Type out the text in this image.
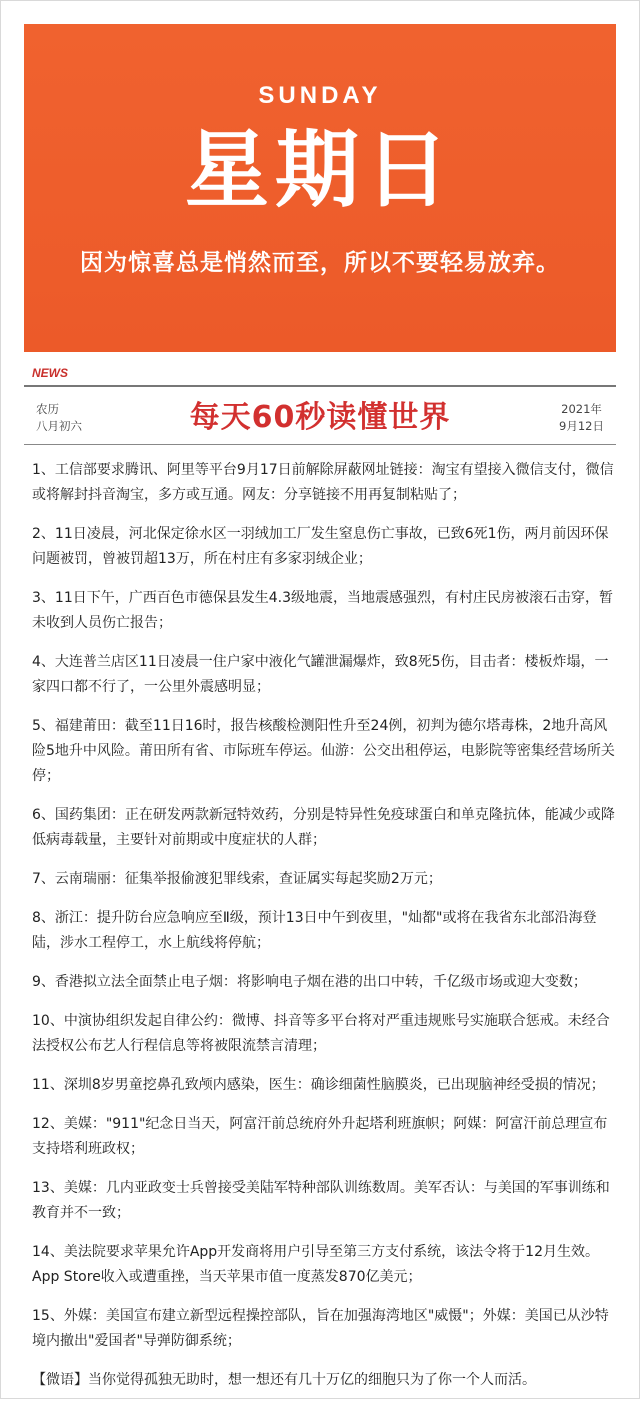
SUNDAY
星期日
因为惊喜总是悄然而至，所以不要轻易放弃。
NEWS
农历
八月初六	每天60秒读懂世界	2021年
9月12日

1、工信部要求腾讯、阿里等平台9月17日前解除屏蔽网址链接：淘宝有望接入微信支付，微信或将解封抖音淘宝，多方或互通。网友：分享链接不用再复制粘贴了；

2、11日凌晨，河北保定徐水区一羽绒加工厂发生窒息伤亡事故，已致6死1伤，两月前因环保问题被罚，曾被罚超13万，所在村庄有多家羽绒企业；

3、11日下午，广西百色市德保县发生4.3级地震，当地震感强烈，有村庄民房被滚石击穿，暂未收到人员伤亡报告；

4、大连普兰店区11日凌晨一住户家中液化气罐泄漏爆炸，致8死5伤，目击者：楼板炸塌，一家四口都不行了，一公里外震感明显；

5、福建莆田：截至11日16时，报告核酸检测阳性升至24例，初判为德尔塔毒株，2地升高风险5地升中风险。莆田所有省、市际班车停运。仙游：公交出租停运，电影院等密集经营场所关停；

6、国药集团：正在研发两款新冠特效药，分别是特异性免疫球蛋白和单克隆抗体，能减少或降低病毒载量，主要针对前期或中度症状的人群；

7、云南瑞丽：征集举报偷渡犯罪线索，查证属实每起奖励2万元；

8、浙江：提升防台应急响应至Ⅱ级，预计13日中午到夜里，"灿都"或将在我省东北部沿海登陆，涉水工程停工，水上航线将停航；

9、香港拟立法全面禁止电子烟：将影响电子烟在港的出口中转，千亿级市场或迎大变数；

10、中演协组织发起自律公约：微博、抖音等多平台将对严重违规账号实施联合惩戒。未经合法授权公布艺人行程信息等将被限流禁言清理；

11、深圳8岁男童挖鼻孔致颅内感染，医生：确诊细菌性脑膜炎，已出现脑神经受损的情况；

12、美媒："911"纪念日当天，阿富汗前总统府外升起塔利班旗帜；阿媒：阿富汗前总理宣布支持塔利班政权；

13、美媒：几内亚政变士兵曾接受美陆军特种部队训练数周。美军否认：与美国的军事训练和教育并不一致；

14、美法院要求苹果允许App开发商将用户引导至第三方支付系统，该法令将于12月生效。App Store收入或遭重挫，当天苹果市值一度蒸发870亿美元；

15、外媒：美国宣布建立新型远程操控部队，旨在加强海湾地区"威慑"；外媒：美国已从沙特境内撤出"爱国者"导弹防御系统；

【微语】当你觉得孤独无助时，想一想还有几十万亿的细胞只为了你一个人而活。
